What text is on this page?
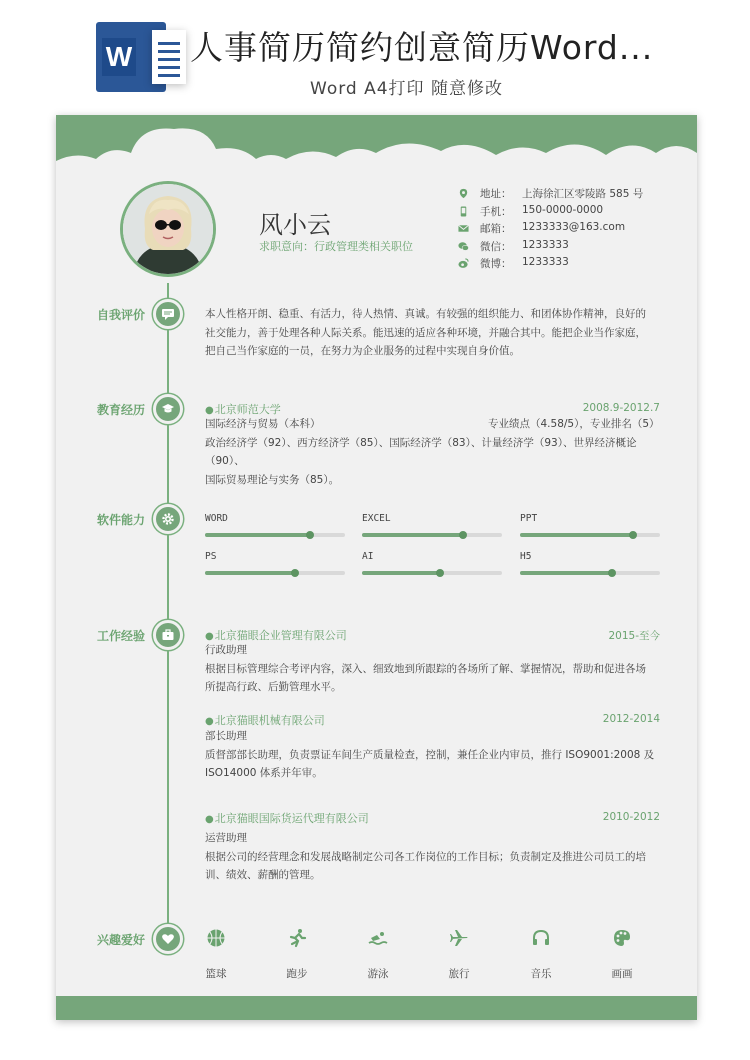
W 人事简历简约创意简历Word...
Word A4打印 随意修改
风小云
求职意向：行政管理类相关职位
地址： 上海徐汇区零陵路 585 号
手机： 150-0000-0000
邮箱： 1233333@163.com
微信： 1233333
微博： 1233333
自我评价	本人性格开朗、稳重、有活力，待人热情、真诚。有较强的组织能力、和团体协作精神，良好的
社交能力，善于处理各种人际关系。能迅速的适应各种环境，并融合其中。能把企业当作家庭，
把自己当作家庭的一员，在努力为企业服务的过程中实现自身价值。
教育经历	● 北京师范大学	2008.9-2012.7
国际经济与贸易（本科）	专业绩点（4.58/5），专业排名（5）
政治经济学（92）、西方经济学（85）、国际经济学（83）、计量经济学（93）、世界经济概论（90）、
国际贸易理论与实务（85）。
软件能力	WORD	EXCEL	PPT
PS	AI	H5
工作经验	● 北京猫眼企业管理有限公司	2015-至今
行政助理
根据目标管理综合考评内容，深入、细致地到所跟踪的各场所了解、掌握情况，帮助和促进各场
所提高行政、后勤管理水平。
● 北京猫眼机械有限公司	2012-2014
部长助理
质督部部长助理，负责票证车间生产质量检查，控制，兼任企业内审员，推行 ISO9001:2008 及
ISO14000 体系并年审。
● 北京猫眼国际货运代理有限公司	2010-2012
运营助理
根据公司的经营理念和发展战略制定公司各工作岗位的工作目标；负责制定及推进公司员工的培
训、绩效、薪酬的管理。
兴趣爱好
篮球	跑步	游泳	旅行	音乐	画画
